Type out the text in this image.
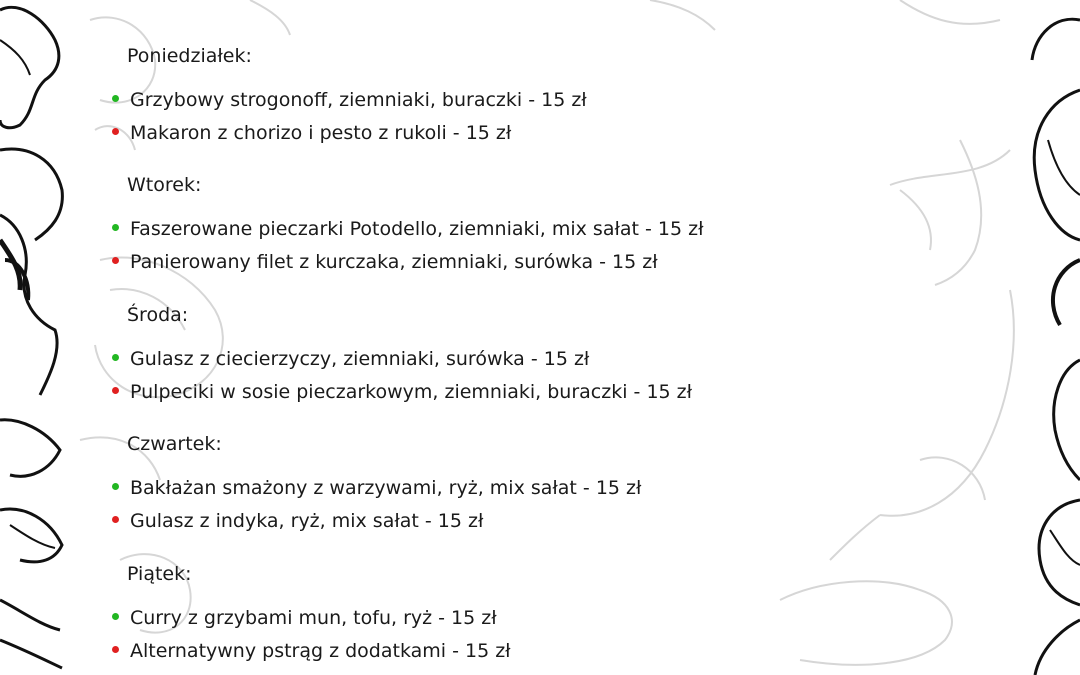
Poniedziałek:
Grzybowy strogonoff, ziemniaki, buraczki - 15 zł
Makaron z chorizo i pesto z rukoli - 15 zł
Wtorek:
Faszerowane pieczarki Potodello, ziemniaki, mix sałat - 15 zł
Panierowany filet z kurczaka, ziemniaki, surówka - 15 zł
Środa:
Gulasz z ciecierzyczy, ziemniaki, surówka - 15 zł
Pulpeciki w sosie pieczarkowym, ziemniaki, buraczki - 15 zł
Czwartek:
Bakłażan smażony z warzywami, ryż, mix sałat - 15 zł
Gulasz z indyka, ryż, mix sałat - 15 zł
Piątek:
Curry z grzybami mun, tofu, ryż - 15 zł
Alternatywny pstrąg z dodatkami - 15 zł
